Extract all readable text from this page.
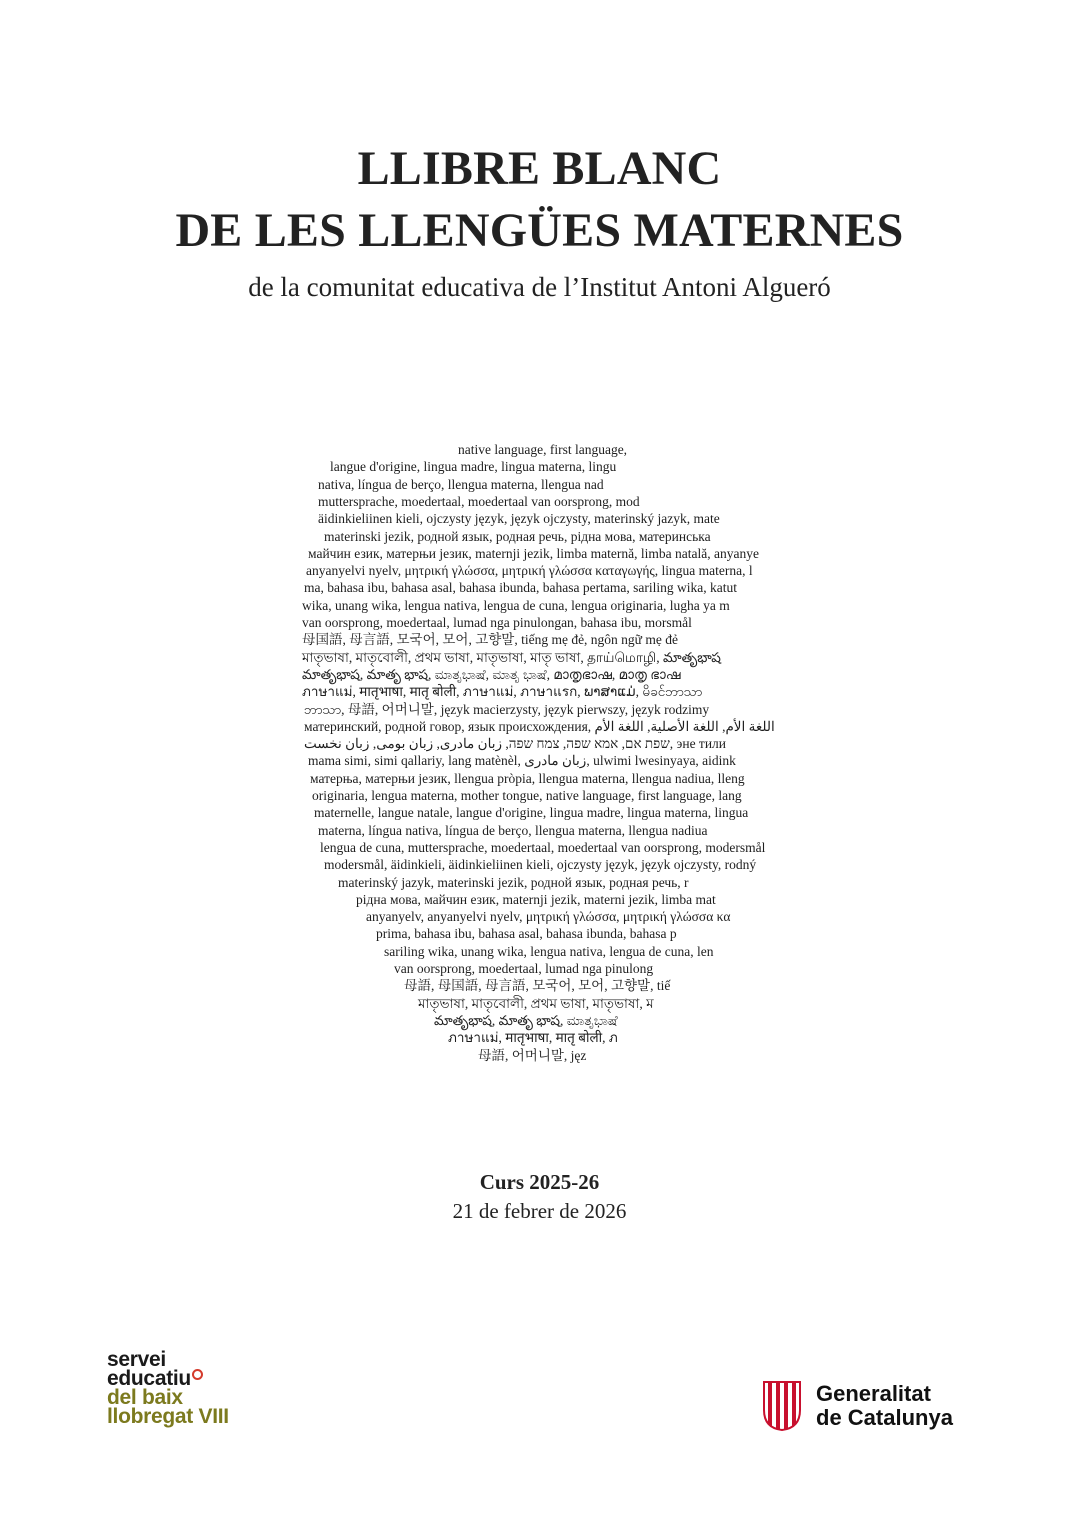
LLIBRE BLANC
DE LES LLENGÜES MATERNES
de la comunitat educativa de l’Institut Antoni Algueró
native language, first language,
langue d'origine, lingua madre, lingua materna, lingu
nativa, língua de berço, llengua materna, llengua nad
muttersprache, moedertaal, moedertaal van oorsprong, mod
äidinkieliinen kieli, ojczysty język, język ojczysty, materinský jazyk, mate
materinski jezik, родной язык, родная речь, рідна мова, материнська
майчин език, матерњи језик, maternji jezik, limba maternă, limba natală, anyanye
anyanyelvi nyelv, μητρική γλώσσα, μητρική γλώσσα καταγωγής, lingua materna, l
ma, bahasa ibu, bahasa asal, bahasa ibunda, bahasa pertama, sariling wika, katut
wika, unang wika, lengua nativa, lengua de cuna, lengua originaria, lugha ya m
van oorsprong, moedertaal, lumad nga pinulongan, bahasa ibu, morsmål
母国語, 母言語, 모국어, 모어, 고향말, tiếng mẹ đẻ, ngôn ngữ mẹ đẻ
মাতৃভাষা, মাতৃবোলী, প্রথম ভাষা, মাতৃভাষা, মাতৃ ভাষা, தாய்மொழி, మాతృభాష
మాతృభాష, మాతృ భాష, ಮಾತೃಭಾಷೆ, ಮಾತೃ ಭಾಷೆ, മാതൃഭാഷ, മാതൃ ഭാഷ
ภาษาแม่, मातृभाषा, मातृ बोली, ภาษาแม่, ภาษาแรก, ພາສາແມ່, မိခင်ဘာသာ
ဘာသာ, 母語, 어머니말, język macierzysty, język pierwszy, język rodzimy
материнский, родной говор, язык происхождения, اللغة الأم, اللغة الأصلية, اللغة الأم
שפת אם, אמא שפה, צמח שפה, زبان مادری, زبان بومی, زبان نخست, эне тили
mama simi, simi qallariy, lang matènèl, زبان مادری, ulwimi lwesinyaya, aidink
матерња, матерњи језик, llengua pròpia, llengua materna, llengua nadiua, lleng
originaria, lengua materna, mother tongue, native language, first language, lang
maternelle, langue natale, langue d'origine, lingua madre, lingua materna, lingua
materna, língua nativa, língua de berço, llengua materna, llengua nadiua
lengua de cuna, muttersprache, moedertaal, moedertaal van oorsprong, modersmål
modersmål, äidinkieli, äidinkieliinen kieli, ojczysty język, język ojczysty, rodný
materinský jazyk, materinski jezik, родной язык, родная речь, r
рідна мова, майчин език, maternji jezik, materni jezik, limba mat
anyanyelv, anyanyelvi nyelv, μητρική γλώσσα, μητρική γλώσσα κα
prima, bahasa ibu, bahasa asal, bahasa ibunda, bahasa p
sariling wika, unang wika, lengua nativa, lengua de cuna, len
van oorsprong, moedertaal, lumad nga pinulong
母語, 母国語, 母言語, 모국어, 모어, 고향말, tiế
মাতৃভাষা, মাতৃবোলী, প্রথম ভাষা, মাতৃভাষা, ম
మాతృభాష, మాతృ భాష, ಮಾತೃಭಾಷೆ
ภาษาแม่, मातृभाषा, मातृ बोली, ภ
母語, 어머니말, jęz
Curs 2025-26
21 de febrer de 2026
servei
educatiu
del baix
llobregat VIII
Generalitat
de Catalunya
